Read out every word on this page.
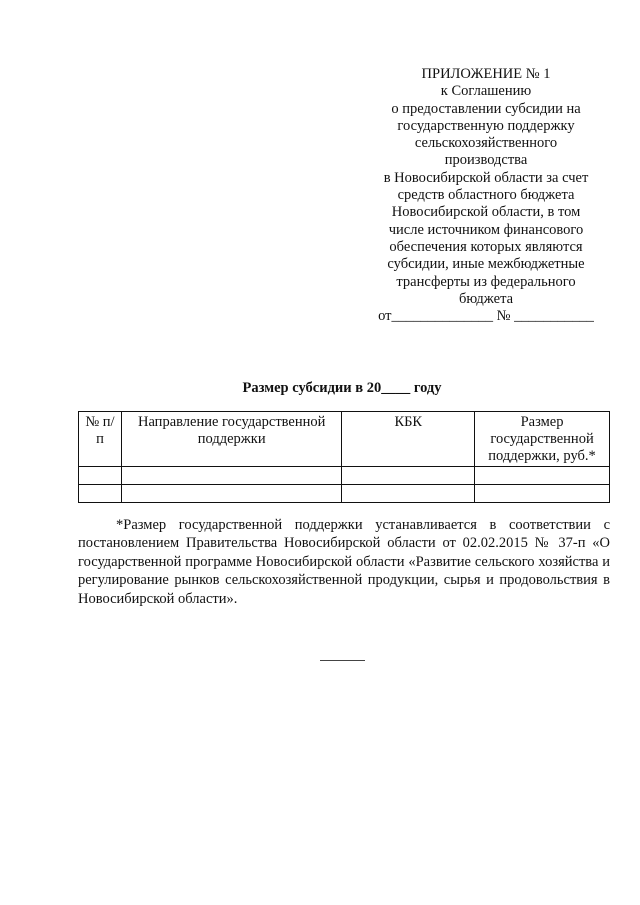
ПРИЛОЖЕНИЕ № 1
к Соглашению
о предоставлении субсидии на
государственную поддержку
сельскохозяйственного
производства
в Новосибирской области за счет
средств областного бюджета
Новосибирской области, в том
числе источником финансового
обеспечения которых являются
субсидии, иные межбюджетные
трансферты из федерального
бюджета
от______________ № ___________
Размер субсидии в 20____ году
№ п/п	Направление государственной поддержки	КБК	Размер государственной поддержки, руб.*

*Размер государственной поддержки устанавливается в соответствии с постановлением Правительства Новосибирской области от 02.02.2015 № 37-п «О государственной программе Новосибирской области «Развитие сельского хозяйства и регулирование рынков сельскохозяйственной продукции, сырья и продовольствия в Новосибирской области».
